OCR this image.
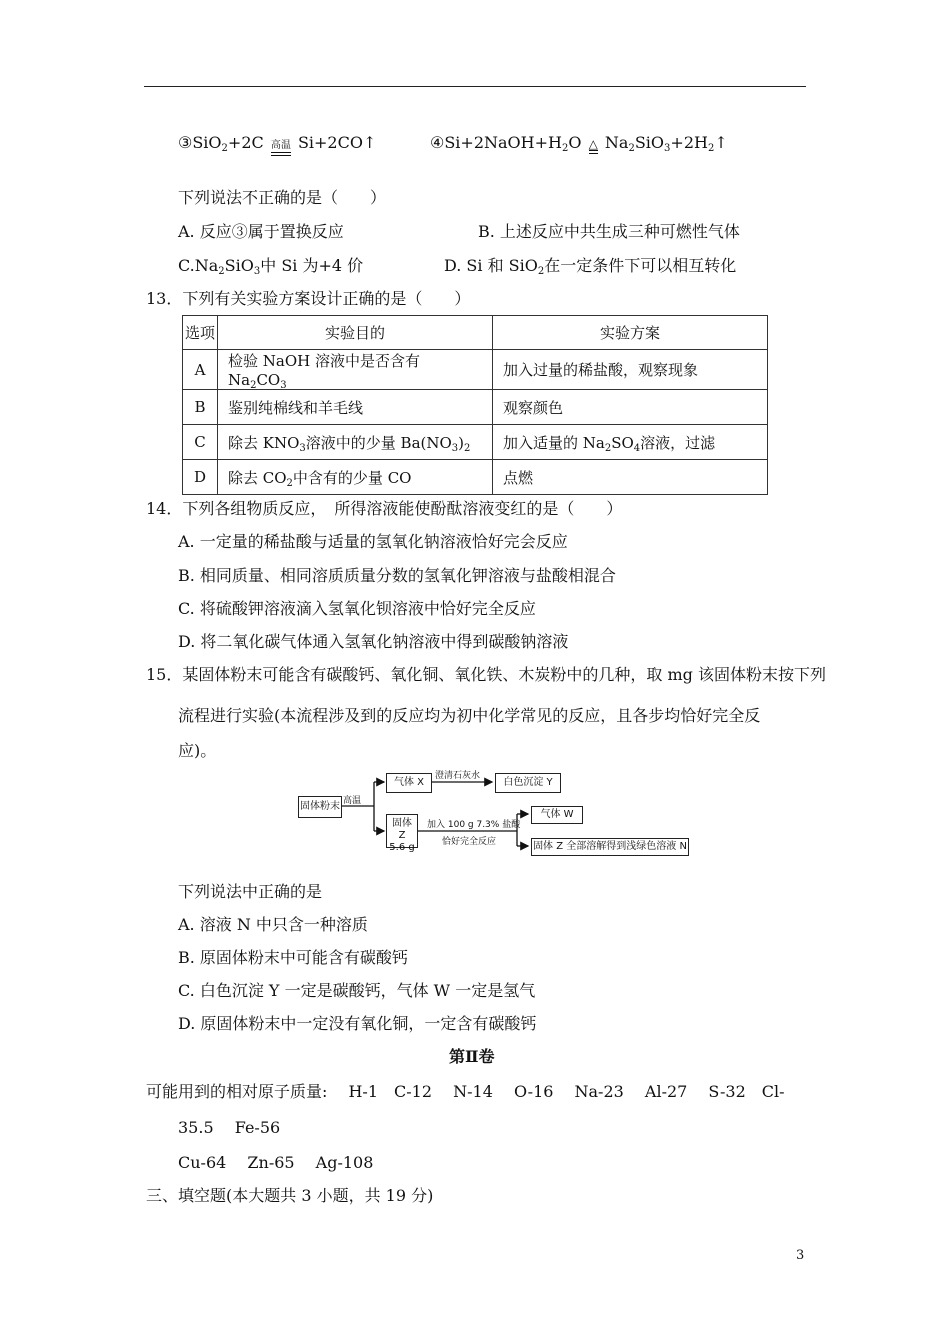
③SiO$_2$+2C 高温 Si+2CO↑	$④Si+2NaOH+H_2O$ △ $Na_2SiO_3+2H_2↑$
下列说法不正确的是（　　）
A. 反应③属于置换反应	B. 上述反应中共生成三种可燃性气体
$C.Na_2SiO_3$中 Si 为+4 价	D. Si 和 SiO$_2$在一定条件下可以相互转化
13．下列有关实验方案设计正确的是（　　）
选项	实验目的	实验方案
A	检验 NaOH 溶液中是否含有 $Na_2CO_3$	加入过量的稀盐酸，观察现象
B	鉴别纯棉线和羊毛线	观察颜色
C	除去 $KNO_3$溶液中的少量 $Ba(NO_3)_2$	加入适量的 $Na_2SO_4$溶液，过滤
D	除去 $CO_2$中含有的少量 CO	点燃
14．下列各组物质反应，　所得溶液能使酚酞溶液变红的是（　　）
A. 一定量的稀盐酸与适量的氢氧化钠溶液恰好完会反应
B. 相同质量、相同溶质质量分数的氢氧化钾溶液与盐酸相混合
C. 将硫酸钾溶液滴入氢氧化钡溶液中恰好完全反应
D. 将二氧化碳气体通入氢氧化钠溶液中得到碳酸钠溶液
15．某固体粉末可能含有碳酸钙、氧化铜、氧化铁、木炭粉中的几种，取 mg 该固体粉末按下列
流程进行实验(本流程涉及到的反应均为初中化学常见的反应，且各步均恰好完全反
应)。
固体粉末 高温
气体 X
澄清石灰水
白色沉淀 Y
固体 Z
5.6 g
加入 100 g 7.3% 盐酸
恰好完全反应
气体 W
固体 Z 全部溶解得到浅绿色溶液 N
下列说法中正确的是
A. 溶液 N 中只含一种溶质
B. 原固体粉末中可能含有碳酸钙
C. 白色沉淀 Y 一定是碳酸钙，气体 W 一定是氢气
D. 原固体粉末中一定没有氧化铜，一定含有碳酸钙
第Ⅱ卷
可能用到的相对原子质量:　 H-1　C-12　 N-14　 O-16　 Na-23　 Al-27　 S-32　Cl-
35.5　 Fe-56
Cu-64　 Zn-65　 Ag-108
三、填空题(本大题共 3 小题，共 19 分)
3
